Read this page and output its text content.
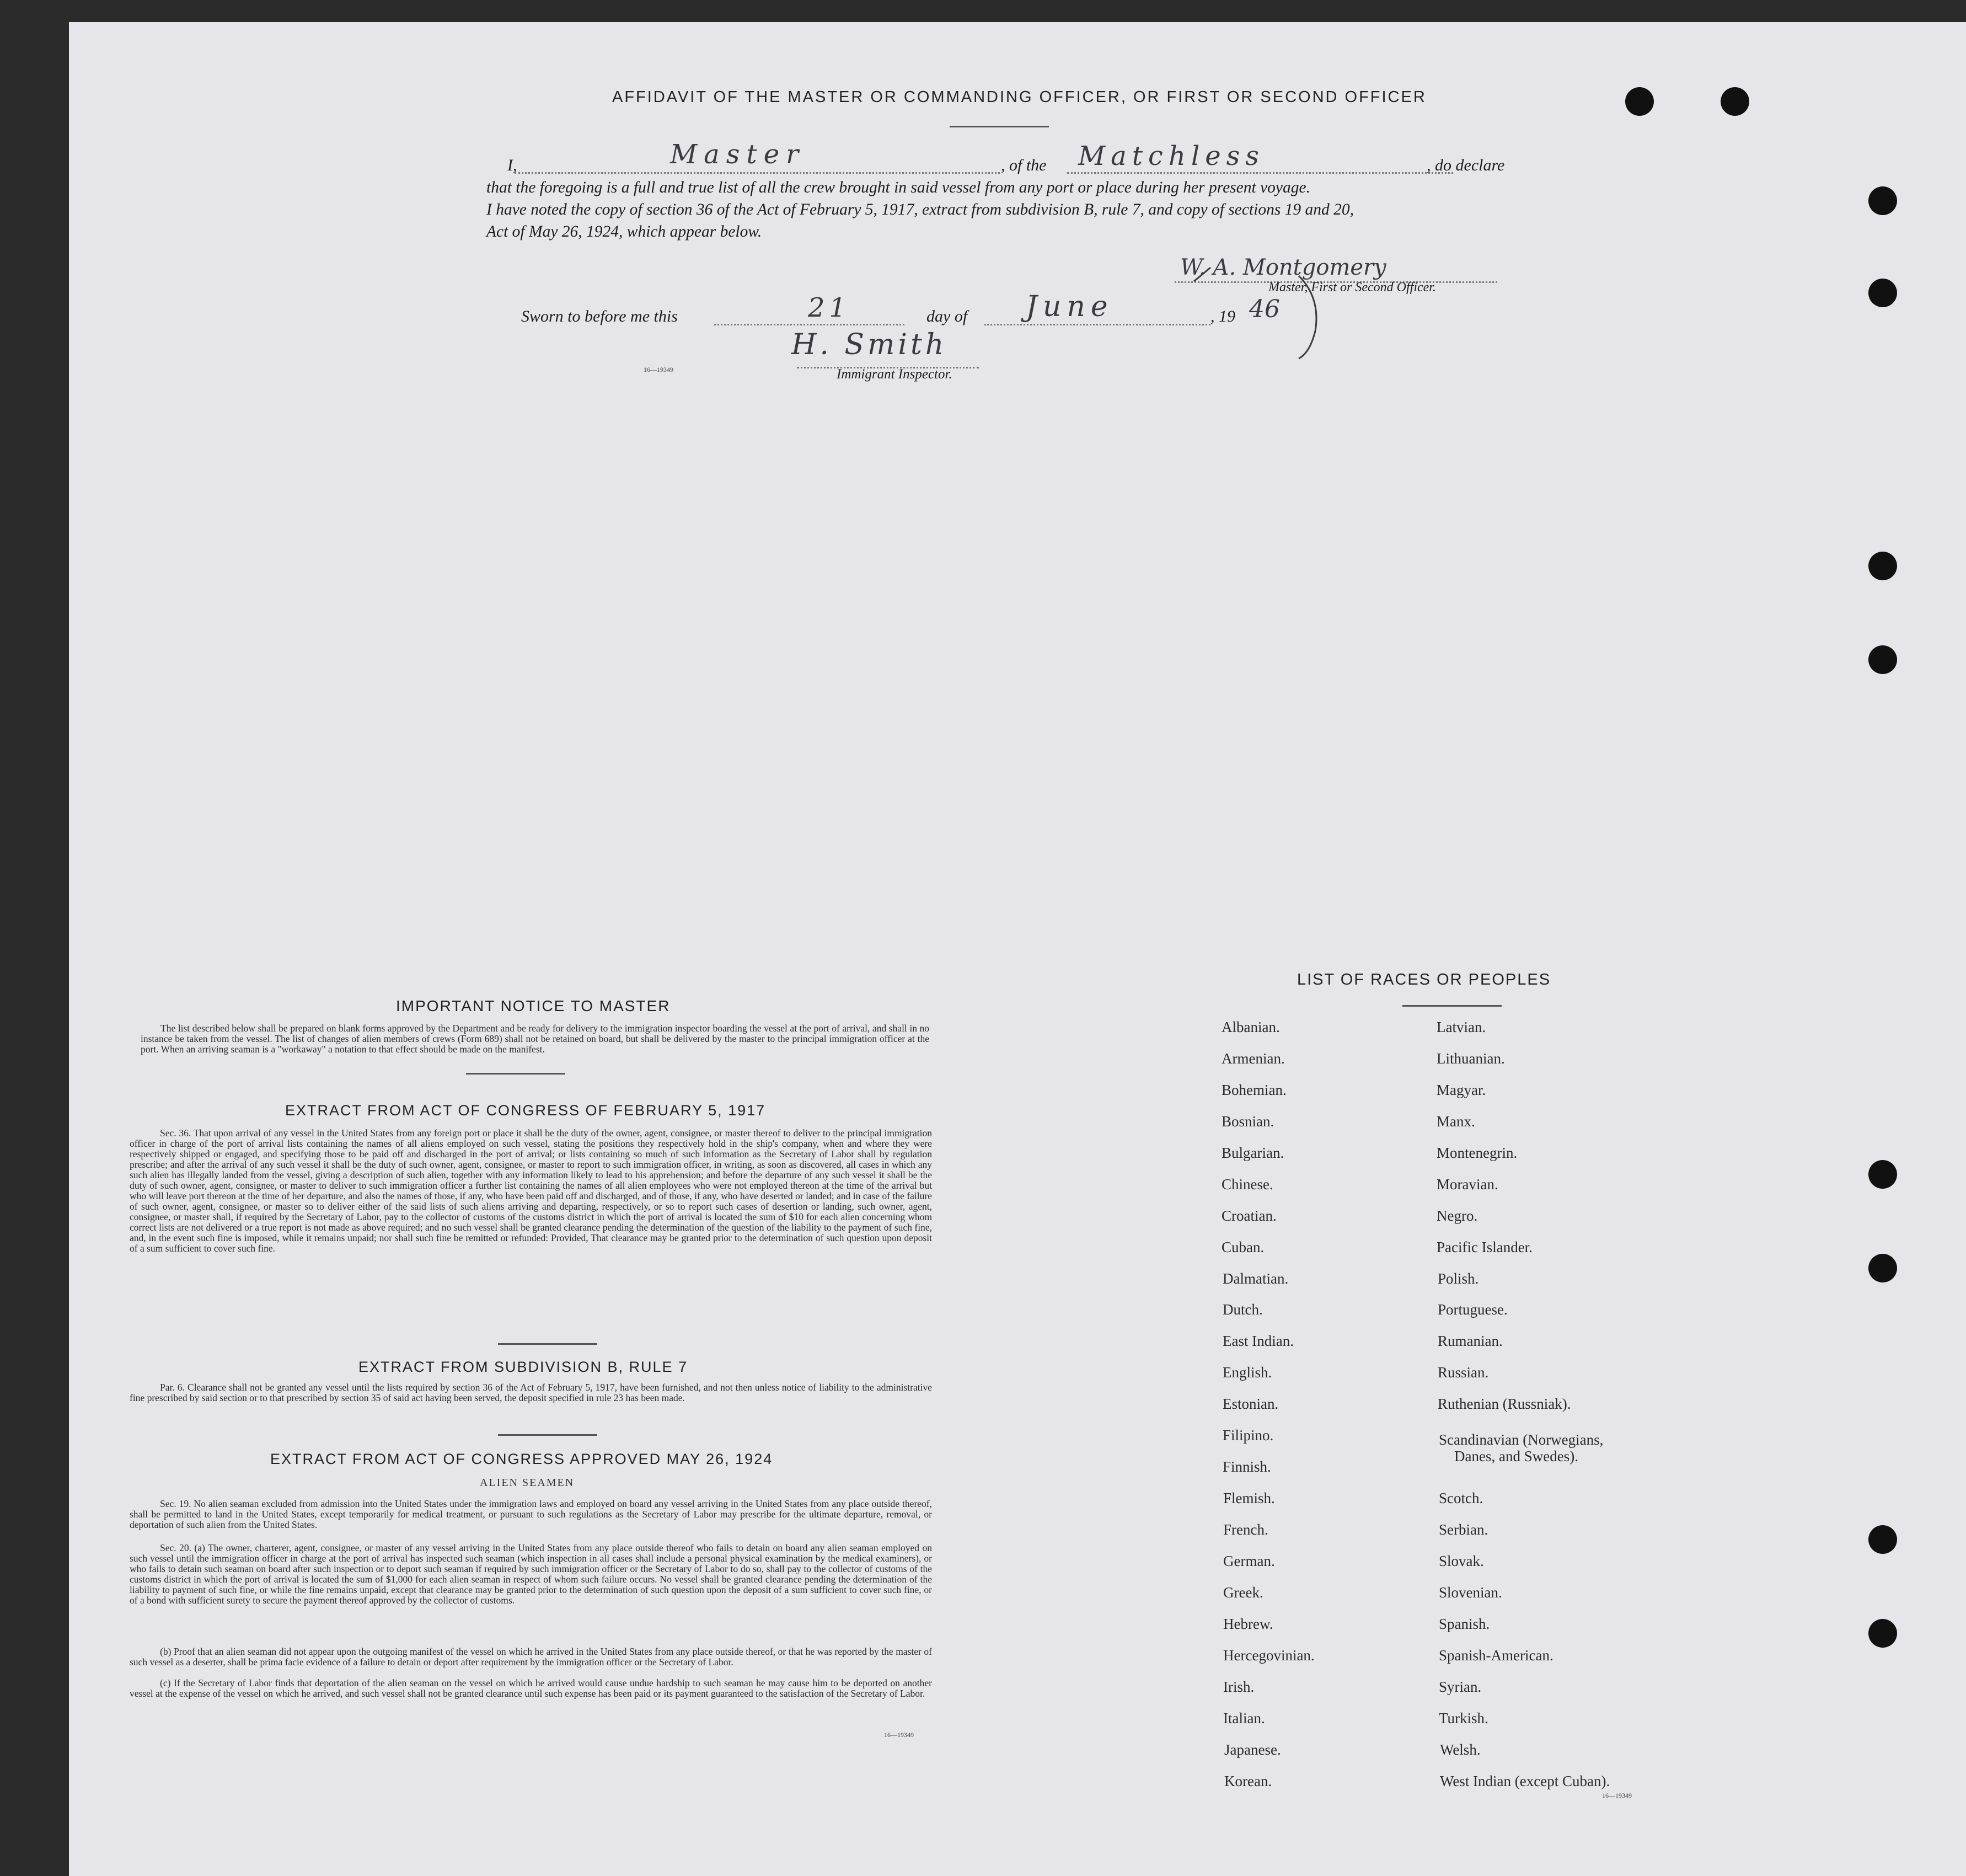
AFFIDAVIT OF THE MASTER OR COMMANDING OFFICER, OR FIRST OR SECOND OFFICER
I,	Master	, of the Matchless	, do declare
that the foregoing is a full and true list of all the crew brought in said vessel from any port or place during her present voyage.
I have noted the copy of section 36 of the Act of February 5, 1917, extract from subdivision B, rule 7, and copy of sections 19 and 20,
Act of May 26, 1924, which appear below.
W. A. Montgomery
Master, First or Second Officer.
Sworn to before me this	21	day of June	, 19 46
H. Smith
16—19349	Immigrant Inspector.
IMPORTANT NOTICE TO MASTER
The list described below shall be prepared on blank forms approved by the Department and be ready for delivery to the immigration inspector boarding the vessel at the port of arrival, and shall in no instance be taken from the vessel. The list of changes of alien members of crews (Form 689) shall not be retained on board, but shall be delivered by the master to the principal immigration officer at the port. When an arriving seaman is a "workaway" a notation to that effect should be made on the manifest.
EXTRACT FROM ACT OF CONGRESS OF FEBRUARY 5, 1917
Sec. 36. That upon arrival of any vessel in the United States from any foreign port or place it shall be the duty of the owner, agent, consignee, or master thereof to deliver to the principal immigration officer in charge of the port of arrival lists containing the names of all aliens employed on such vessel, stating the positions they respectively hold in the ship's company, when and where they were respectively shipped or engaged, and specifying those to be paid off and discharged in the port of arrival; or lists containing so much of such information as the Secretary of Labor shall by regulation prescribe; and after the arrival of any such vessel it shall be the duty of such owner, agent, consignee, or master to report to such immigration officer, in writing, as soon as discovered, all cases in which any such alien has illegally landed from the vessel, giving a description of such alien, together with any information likely to lead to his apprehension; and before the departure of any such vessel it shall be the duty of such owner, agent, consignee, or master to deliver to such immigration officer a further list containing the names of all alien employees who were not employed thereon at the time of the arrival but who will leave port thereon at the time of her departure, and also the names of those, if any, who have been paid off and discharged, and of those, if any, who have deserted or landed; and in case of the failure of such owner, agent, consignee, or master so to deliver either of the said lists of such aliens arriving and departing, respectively, or so to report such cases of desertion or landing, such owner, agent, consignee, or master shall, if required by the Secretary of Labor, pay to the collector of customs of the customs district in which the port of arrival is located the sum of $10 for each alien concerning whom correct lists are not delivered or a true report is not made as above required; and no such vessel shall be granted clearance pending the determination of the question of the liability to the payment of such fine, and, in the event such fine is imposed, while it remains unpaid; nor shall such fine be remitted or refunded: Provided, That clearance may be granted prior to the determination of such question upon deposit of a sum sufficient to cover such fine.
EXTRACT FROM SUBDIVISION B, RULE 7
Par. 6. Clearance shall not be granted any vessel until the lists required by section 36 of the Act of February 5, 1917, have been furnished, and not then unless notice of liability to the administrative fine prescribed by said section or to that prescribed by section 35 of said act having been served, the deposit specified in rule 23 has been made.
EXTRACT FROM ACT OF CONGRESS APPROVED MAY 26, 1924
ALIEN SEAMEN
Sec. 19. No alien seaman excluded from admission into the United States under the immigration laws and employed on board any vessel arriving in the United States from any place outside thereof, shall be permitted to land in the United States, except temporarily for medical treatment, or pursuant to such regulations as the Secretary of Labor may prescribe for the ultimate departure, removal, or deportation of such alien from the United States.
Sec. 20. (a) The owner, charterer, agent, consignee, or master of any vessel arriving in the United States from any place outside thereof who fails to detain on board any alien seaman employed on such vessel until the immigration officer in charge at the port of arrival has inspected such seaman (which inspection in all cases shall include a personal physical examination by the medical examiners), or who fails to detain such seaman on board after such inspection or to deport such seaman if required by such immigration officer or the Secretary of Labor to do so, shall pay to the collector of customs of the customs district in which the port of arrival is located the sum of $1,000 for each alien seaman in respect of whom such failure occurs. No vessel shall be granted clearance pending the determination of the liability to payment of such fine, or while the fine remains unpaid, except that clearance may be granted prior to the determination of such question upon the deposit of a sum sufficient to cover such fine, or of a bond with sufficient surety to secure the payment thereof approved by the collector of customs.
(b) Proof that an alien seaman did not appear upon the outgoing manifest of the vessel on which he arrived in the United States from any place outside thereof, or that he was reported by the master of such vessel as a deserter, shall be prima facie evidence of a failure to detain or deport after requirement by the immigration officer or the Secretary of Labor.
(c) If the Secretary of Labor finds that deportation of the alien seaman on the vessel on which he arrived would cause undue hardship to such seaman he may cause him to be deported on another vessel at the expense of the vessel on which he arrived, and such vessel shall not be granted clearance until such expense has been paid or its payment guaranteed to the satisfaction of the Secretary of Labor.
16—19349
LIST OF RACES OR PEOPLES
Albanian.
Armenian.
Bohemian.
Bosnian.
Bulgarian.
Chinese.
Croatian.
Cuban.
Dalmatian.
Dutch.
East Indian.
English.
Estonian.
Filipino.
Finnish.
Flemish.
French.
German.
Greek.
Hebrew.
Hercegovinian.
Irish.
Italian.
Japanese.
Korean.
Latvian.
Lithuanian.
Magyar.
Manx.
Montenegrin.
Moravian.
Negro.
Pacific Islander.
Polish.
Portuguese.
Rumanian.
Russian.
Ruthenian (Russniak).
Scandinavian (Norwegians,
Danes, and Swedes).
Scotch.
Serbian.
Slovak.
Slovenian.
Spanish.
Spanish-American.
Syrian.
Turkish.
Welsh.
West Indian (except Cuban).
16—19349
